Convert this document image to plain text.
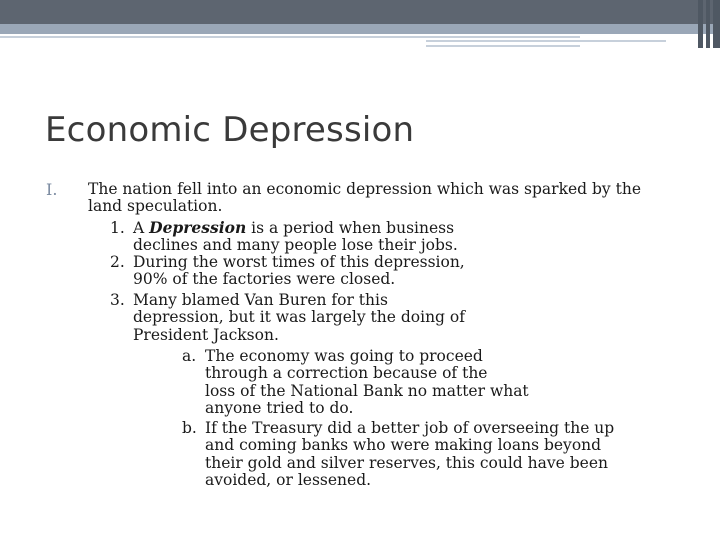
Economic Depression
I. The nation fell into an economic depression which was sparked by the
land speculation.

1. A Depression is a period when business
declines and many people lose their jobs.

2. During the worst times of this depression,
90% of the factories were closed.

3. Many blamed Van Buren for this
depression, but it was largely the doing of
President Jackson.

a. The economy was going to proceed
through a correction because of the
loss of the National Bank no matter what
anyone tried to do.

b. If the Treasury did a better job of overseeing the up
and coming banks who were making loans beyond
their gold and silver reserves, this could have been
avoided, or lessened.
